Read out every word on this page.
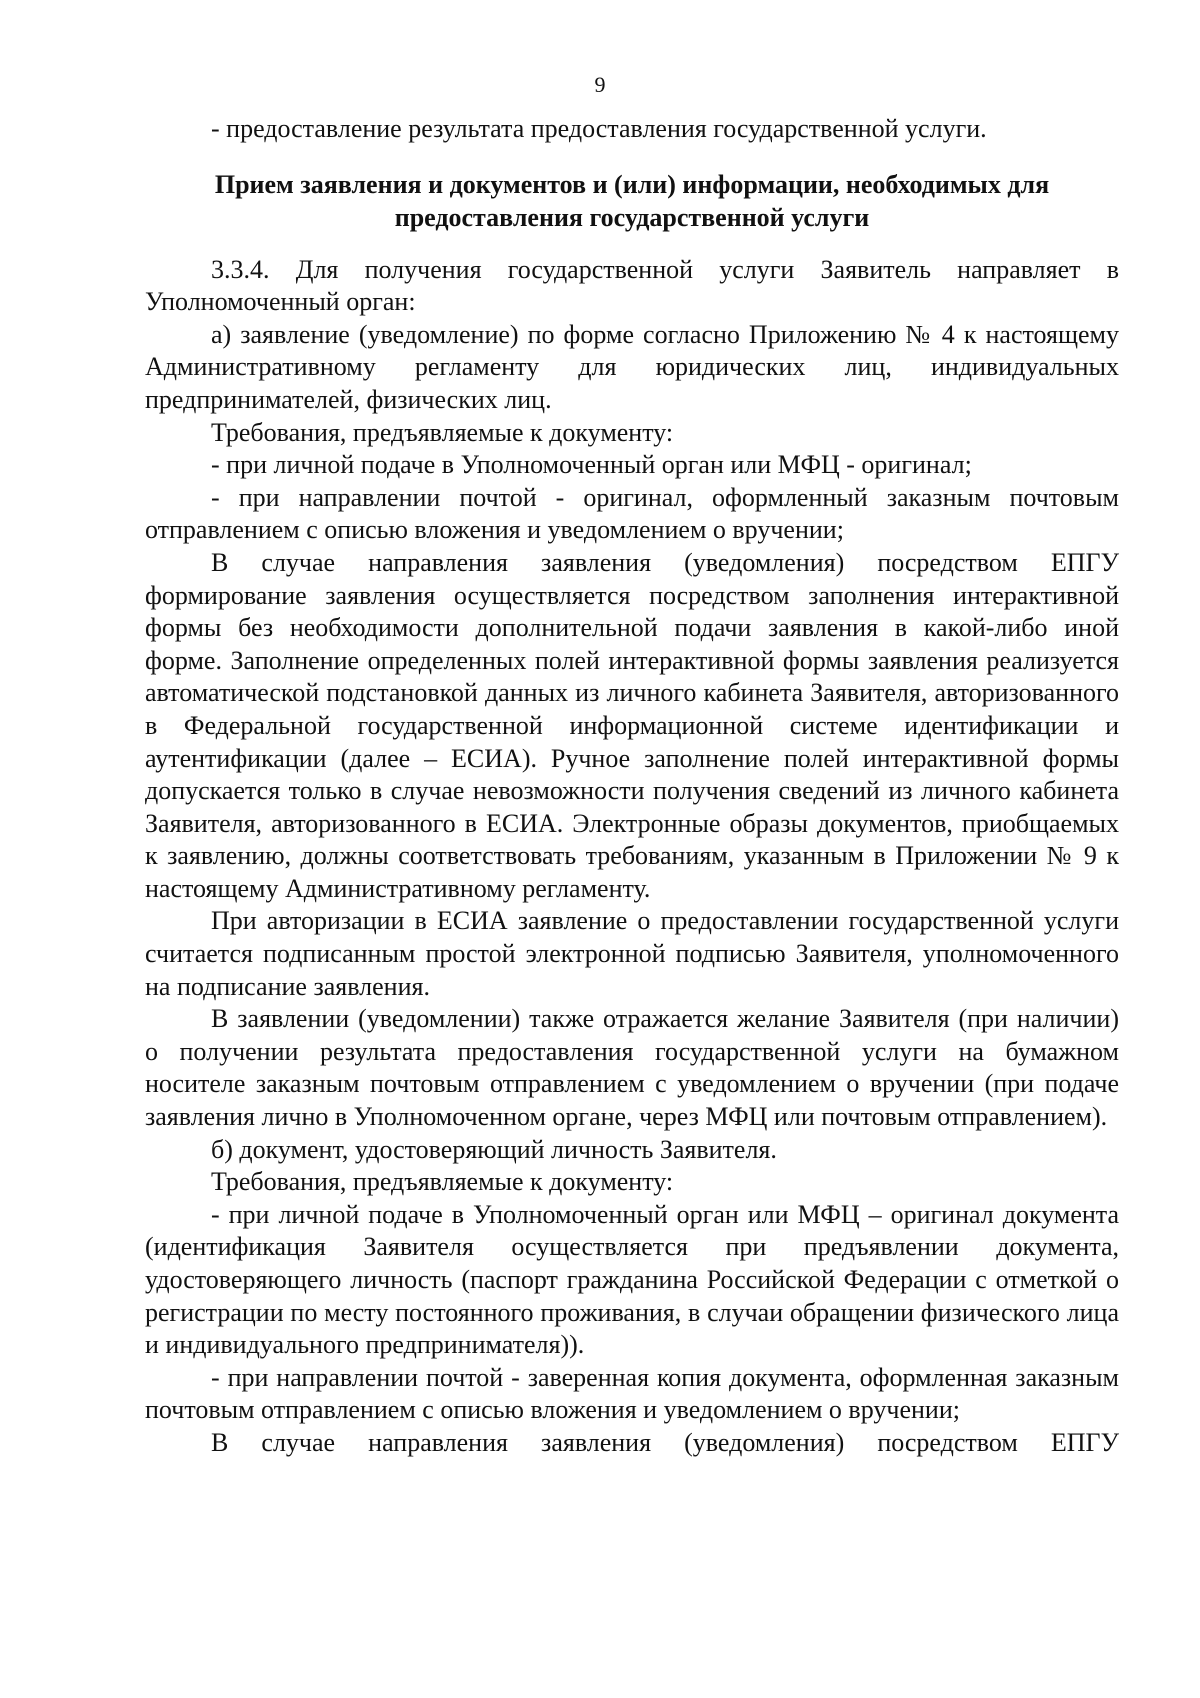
9

- предоставление результата предоставления государственной услуги.

Прием заявления и документов и (или) информации, необходимых для предоставления государственной услуги

3.3.4. Для получения государственной услуги Заявитель направляет в Уполномоченный орган:

а) заявление (уведомление) по форме согласно Приложению № 4 к настоящему Административному регламенту для юридических лиц, индивидуальных предпринимателей, физических лиц.

Требования, предъявляемые к документу:

- при личной подаче в Уполномоченный орган или МФЦ - оригинал;

- при направлении почтой - оригинал, оформленный заказным почтовым отправлением с описью вложения и уведомлением о вручении;

В случае направления заявления (уведомления) посредством ЕПГУ формирование заявления осуществляется посредством заполнения интерактивной формы без необходимости дополнительной подачи заявления в какой-либо иной форме. Заполнение определенных полей интерактивной формы заявления реализуется автоматической подстановкой данных из личного кабинета Заявителя, авторизованного в Федеральной государственной информационной системе идентификации и аутентификации (далее – ЕСИА). Ручное заполнение полей интерактивной формы допускается только в случае невозможности получения сведений из личного кабинета Заявителя, авторизованного в ЕСИА. Электронные образы документов, приобщаемых к заявлению, должны соответствовать требованиям, указанным в Приложении № 9 к настоящему Административному регламенту.

При авторизации в ЕСИА заявление о предоставлении государственной услуги считается подписанным простой электронной подписью Заявителя, уполномоченного на подписание заявления.

В заявлении (уведомлении) также отражается желание Заявителя (при наличии) о получении результата предоставления государственной услуги на бумажном носителе заказным почтовым отправлением с уведомлением о вручении (при подаче заявления лично в Уполномоченном органе, через МФЦ или почтовым отправлением).

б) документ, удостоверяющий личность Заявителя.

Требования, предъявляемые к документу:

- при личной подаче в Уполномоченный орган или МФЦ – оригинал документа (идентификация Заявителя осуществляется при предъявлении документа, удостоверяющего личность (паспорт гражданина Российской Федерации с отметкой о регистрации по месту постоянного проживания, в случаи обращении физического лица и индивидуального предпринимателя)).

- при направлении почтой - заверенная копия документа, оформленная заказным почтовым отправлением с описью вложения и уведомлением о вручении;

В случае направления заявления (уведомления) посредством ЕПГУ
